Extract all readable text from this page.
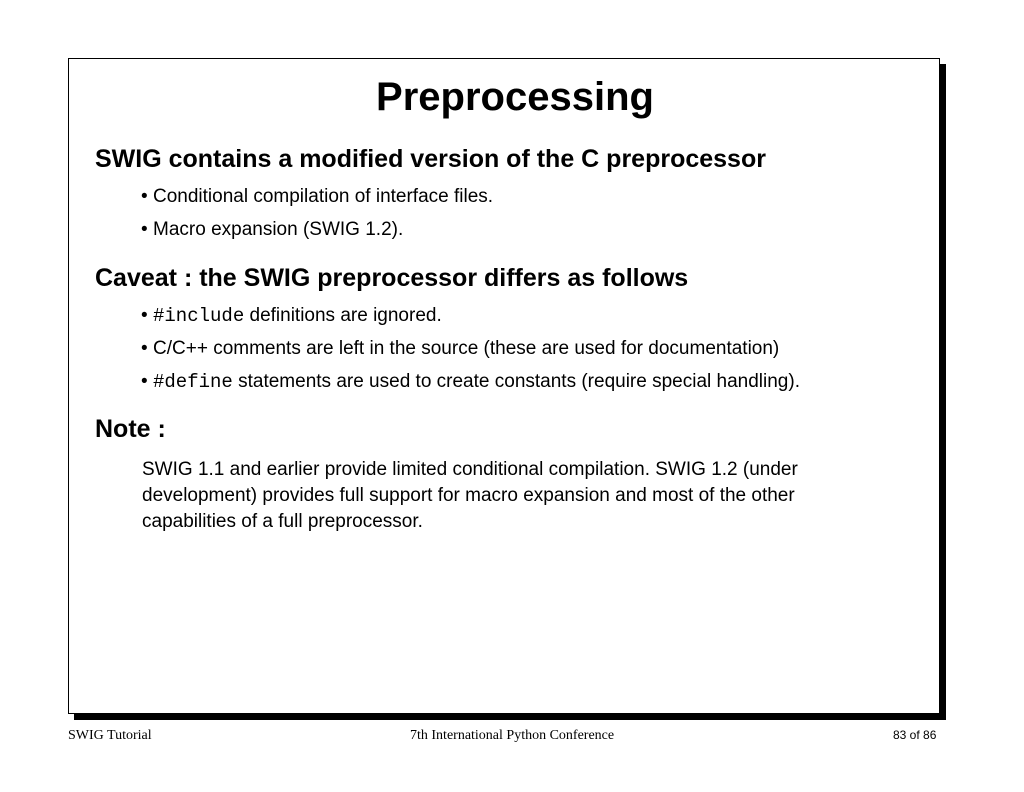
Preprocessing
SWIG contains a modified version of the C preprocessor
• Conditional compilation of interface files.
• Macro expansion (SWIG 1.2).
Caveat : the SWIG preprocessor differs as follows
• #include definitions are ignored.
• C/C++ comments are left in the source (these are used for documentation)
• #define statements are used to create constants (require special handling).
Note :

SWIG 1.1 and earlier provide limited conditional compilation. SWIG 1.2 (under

development) provides full support for macro expansion and most of the other

capabilities of a full preprocessor.

SWIG Tutorial	7th International Python Conference	83 of 86
